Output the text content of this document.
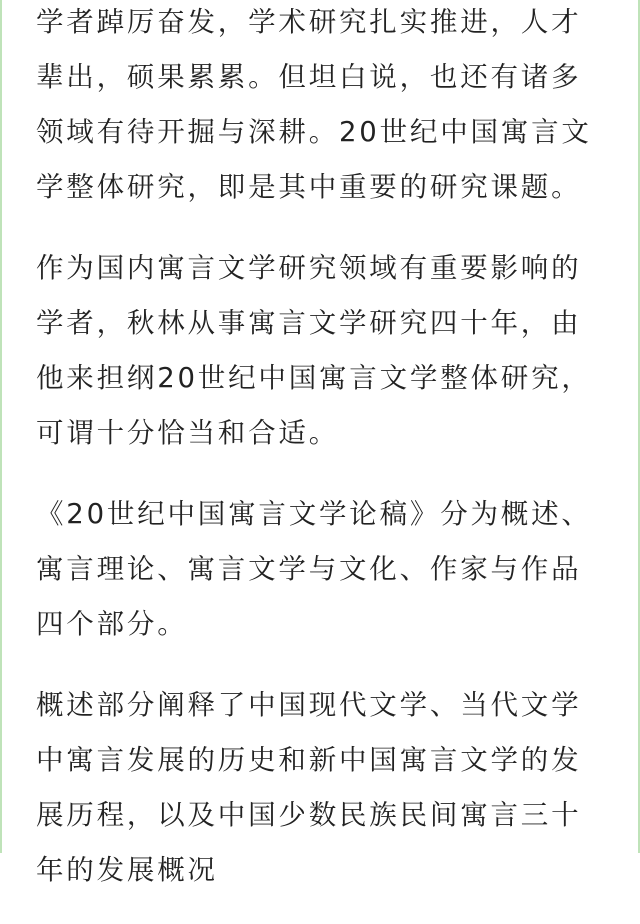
学者踔厉奋发，学术研究扎实推进，人才
辈出，硕果累累。但坦白说，也还有诸多
领域有待开掘与深耕。20世纪中国寓言文
学整体研究，即是其中重要的研究课题。
作为国内寓言文学研究领域有重要影响的
学者，秋林从事寓言文学研究四十年，由
他来担纲20世纪中国寓言文学整体研究，
可谓十分恰当和合适。
《20世纪中国寓言文学论稿》分为概述、
寓言理论、寓言文学与文化、作家与作品
四个部分。
概述部分阐释了中国现代文学、当代文学
中寓言发展的历史和新中国寓言文学的发
展历程，以及中国少数民族民间寓言三十
年的发展概况
